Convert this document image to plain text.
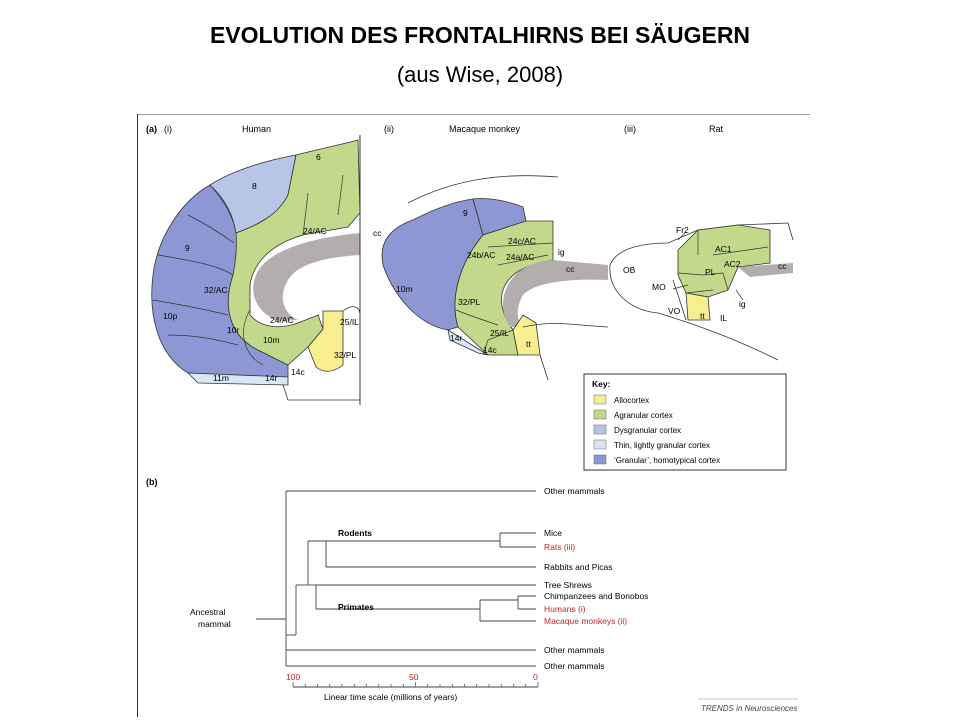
EVOLUTION DES FRONTALHIRNS BEI SÄUGERN
(aus Wise, 2008)
(a) (i)	Human	(ii)	Macaque monkey	(iii)	Rat
6
8
24/AC
9
32/AC
10p
10r
24/AC
10m
25/IL
32/PL
14c
11m	14r
cc
9
24c/AC
24b/AC 24a/AC	ig
cc
10m
32/PL
25/IL
14r
14c
tt
Fr2
AC1
AC2
PL
cc
OB
MO
ig
VO tt IL
Key:
Allocortex
Agranular cortex
Dysgranular cortex
Thin, lightly granular cortex
‘Granular’, homotypical cortex
(b)
Ancestral
mammal
Rodents
Primates
Other mammals
Mice
Rats (iii)
Rabbits and Picas
Tree Shrews
Chimpanzees and Bonobos
Humans (i)
Macaque monkeys (ii)
Other mammals
Other mammals
100	50	0
Linear time scale (millions of years)
TRENDS in Neurosciences
